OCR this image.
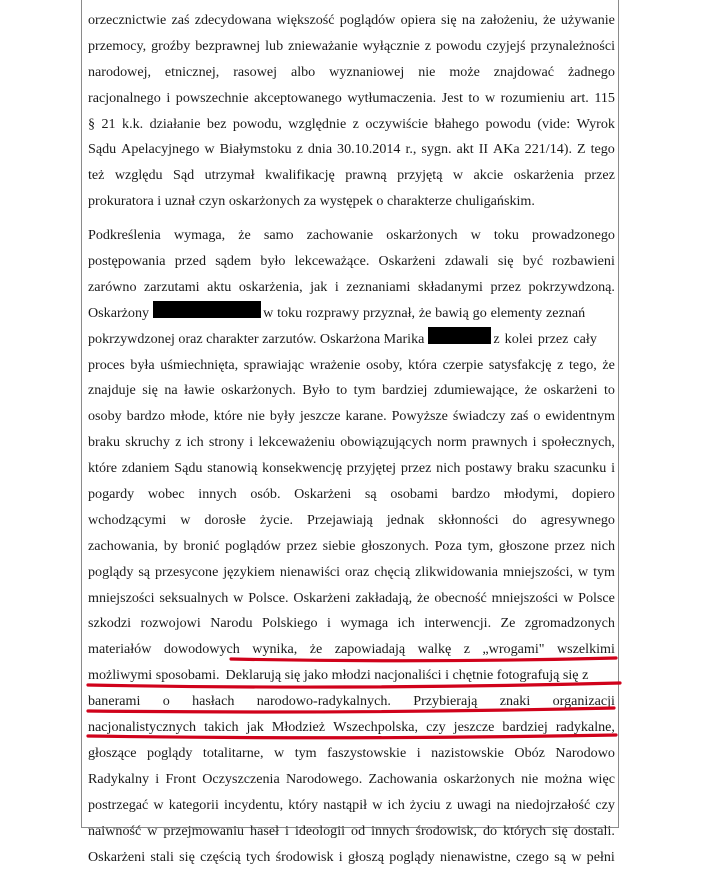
orzecznictwie zaś zdecydowana większość poglądów opiera się na założeniu, że używanie
przemocy, groźby bezprawnej lub znieważanie wyłącznie z powodu czyjejś przynależności
narodowej, etnicznej, rasowej albo wyznaniowej nie może znajdować żadnego
racjonalnego i powszechnie akceptowanego wytłumaczenia. Jest to w rozumieniu art. 115
§ 21 k.k. działanie bez powodu, względnie z oczywiście błahego powodu (vide: Wyrok
Sądu Apelacyjnego w Białymstoku z dnia 30.10.2014 r., sygn. akt II AKa 221/14). Z tego
też względu Sąd utrzymał kwalifikację prawną przyjętą w akcie oskarżenia przez
prokuratora i uznał czyn oskarżonych za występek o charakterze chuligańskim.
Podkreślenia wymaga, że samo zachowanie oskarżonych w toku prowadzonego
postępowania przed sądem było lekceważące. Oskarżeni zdawali się być rozbawieni
zarówno zarzutami aktu oskarżenia, jak i zeznaniami składanymi przez pokrzywdzoną.
Oskarżony	w toku rozprawy przyznał, że bawią go elementy zeznań
pokrzywdzonej oraz charakter zarzutów. Oskarżona Marika	z kolei przez cały
proces była uśmiechnięta, sprawiając wrażenie osoby, która czerpie satysfakcję z tego, że
znajduje się na ławie oskarżonych. Było to tym bardziej zdumiewające, że oskarżeni to
osoby bardzo młode, które nie były jeszcze karane. Powyższe świadczy zaś o ewidentnym
braku skruchy z ich strony i lekceważeniu obowiązujących norm prawnych i społecznych,
które zdaniem Sądu stanowią konsekwencję przyjętej przez nich postawy braku szacunku i
pogardy wobec innych osób. Oskarżeni są osobami bardzo młodymi, dopiero
wchodzącymi w dorosłe życie. Przejawiają jednak skłonności do agresywnego
zachowania, by bronić poglądów przez siebie głoszonych. Poza tym, głoszone przez nich
poglądy są przesycone językiem nienawiści oraz chęcią zlikwidowania mniejszości, w tym
mniejszości seksualnych w Polsce. Oskarżeni zakładają, że obecność mniejszości w Polsce
szkodzi rozwojowi Narodu Polskiego i wymaga ich interwencji. Ze zgromadzonych
materiałów dowodowych wynika, że zapowiadają walkę z „wrogami" wszelkimi
możliwymi sposobami. Deklarują się jako młodzi nacjonaliści i chętnie fotografują się z
banerami o hasłach narodowo-radykalnych. Przybierają znaki organizacji
nacjonalistycznych takich jak Młodzież Wszechpolska, czy jeszcze bardziej radykalne,
głoszące poglądy totalitarne, w tym faszystowskie i nazistowskie Obóz Narodowo
Radykalny i Front Oczyszczenia Narodowego. Zachowania oskarżonych nie można więc
postrzegać w kategorii incydentu, który nastąpił w ich życiu z uwagi na niedojrzałość czy
naiwność w przejmowaniu haseł i ideologii od innych środowisk, do których się dostali.
Oskarżeni stali się częścią tych środowisk i głoszą poglądy nienawistne, czego są w pełni
